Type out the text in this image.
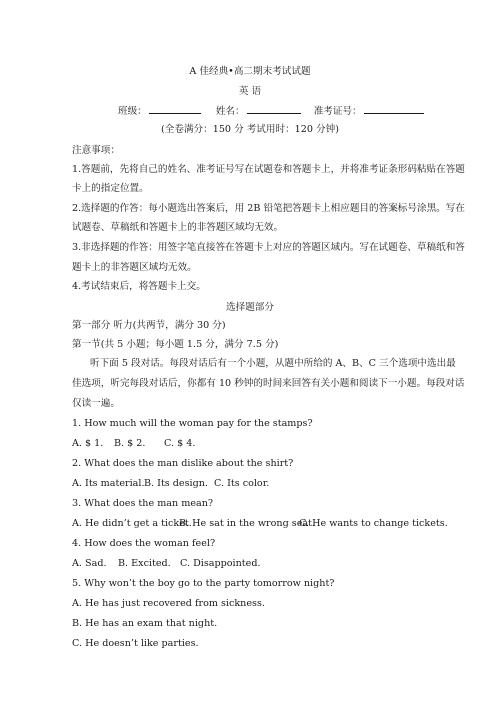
A 佳经典•高二期末考试试题
英 语
班级：	姓名：	准考证号：
(全卷满分：150 分 考试用时：120 分钟)
注意事项：
1.答题前，先将自己的姓名、准考证号写在试题卷和答题卡上，并将准考证条形码粘贴在答题
卡上的指定位置。
2.选择题的作答：每小题选出答案后，用 2B 铅笔把答题卡上相应题目的答案标号涂黑。写在
试题卷、草稿纸和答题卡上的非答题区域均无效。
3.非选择题的作答：用签字笔直接答在答题卡上对应的答题区域内。写在试题卷、草稿纸和答
题卡上的非答题区域均无效。
4.考试结束后，将答题卡上交。
选择题部分
第一部分 听力(共两节，满分 30 分)
第一节(共 5 小题；每小题 1.5 分，满分 7.5 分)
听下面 5 段对话。每段对话后有一个小题，从题中所给的 A、B、C 三个选项中选出最
佳选项，听完每段对话后，你都有 10 秒钟的时间来回答有关小题和阅读下一小题。每段对话
仅读一遍。
1. How much will the woman pay for the stamps?
A. $ 1. B. $ 2. C. $ 4.
2. What does the man dislike about the shirt?
A. Its material.B. Its design. C. Its color.
3. What does the man mean?
A. He didn’t get a ticket.B. He sat in the wrong seat.C. He wants to change tickets.
4. How does the woman feel?
A. Sad. B. Excited. C. Disappointed.
5. Why won’t the boy go to the party tomorrow night?
A. He has just recovered from sickness.
B. He has an exam that night.
C. He doesn’t like parties.
